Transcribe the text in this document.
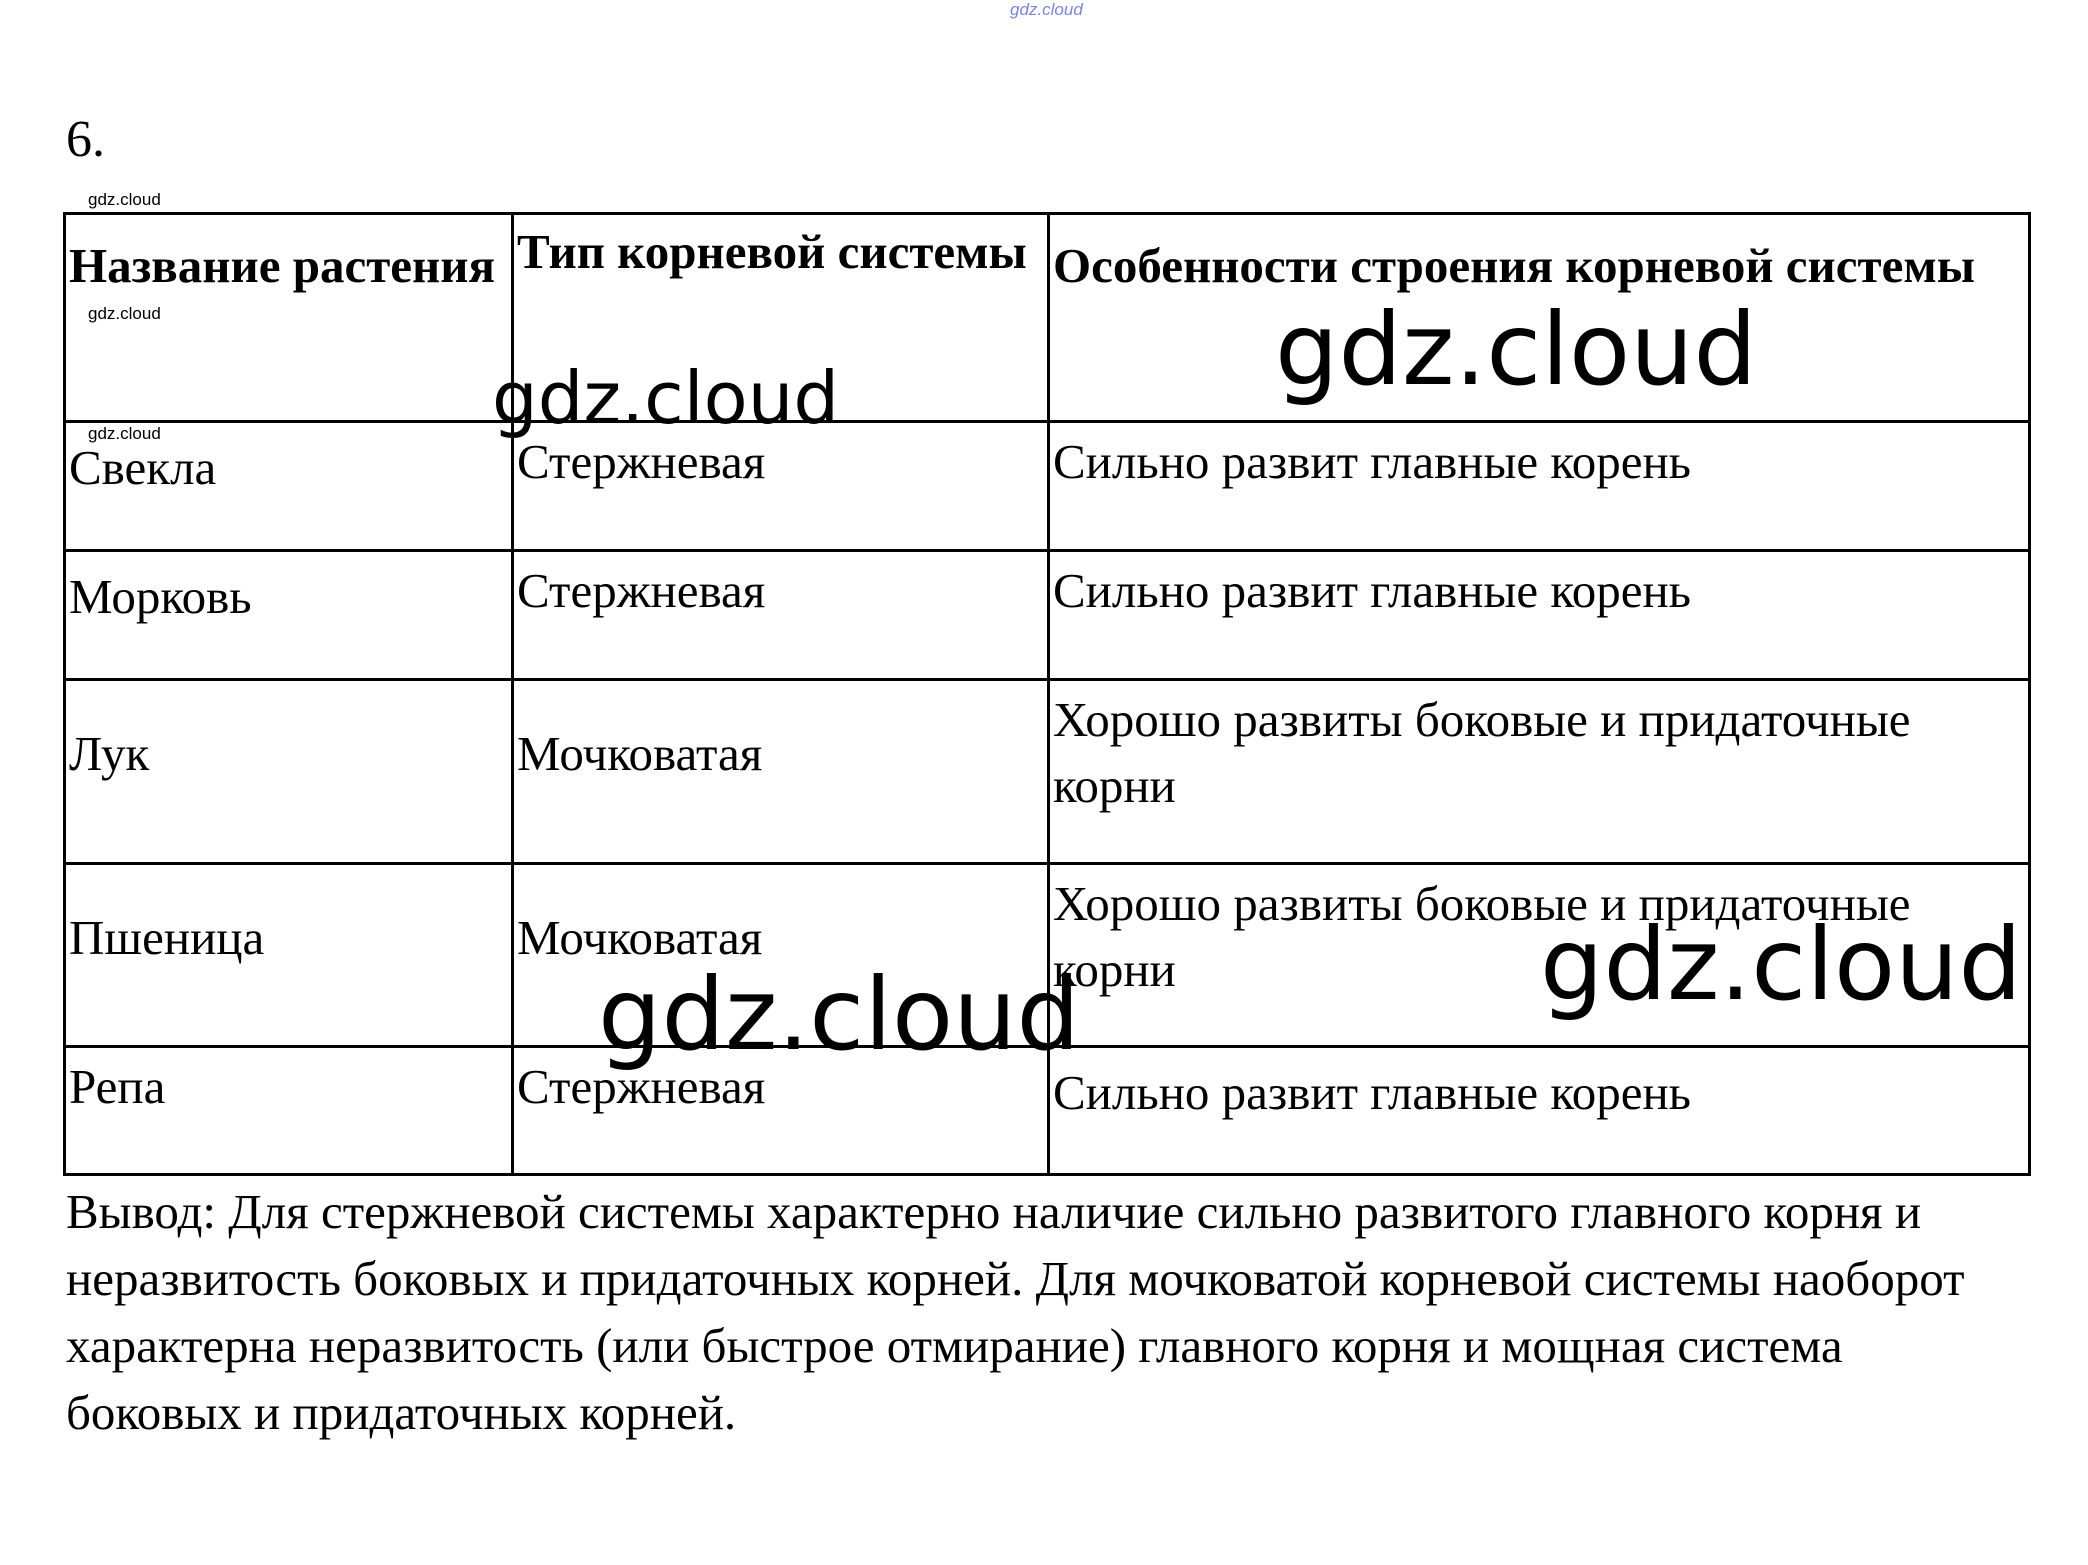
gdz.cloud
6.
gdz.cloud
gdz.cloud
gdz.cloud
Название растения	Тип корневой системы	Особенности строения корневой системы
Свекла	Стержневая	Сильно развит главные корень
Морковь	Стержневая	Сильно развит главные корень
Лук	Мочковатая	Хорошо развиты боковые и придаточные корни
Пшеница	Мочковатая	Хорошо развиты боковые и придаточные корни
Репа	Стержневая	Сильно развит главные корень
gdz.cloud	gdz.cloud
gdz.cloud	gdz.cloud
Вывод: Для стержневой системы характерно наличие сильно развитого главного корня и неразвитость боковых и придаточных корней. Для мочковатой корневой системы наоборот характерна неразвитость (или быстрое отмирание) главного корня и мощная система боковых и придаточных корней.
